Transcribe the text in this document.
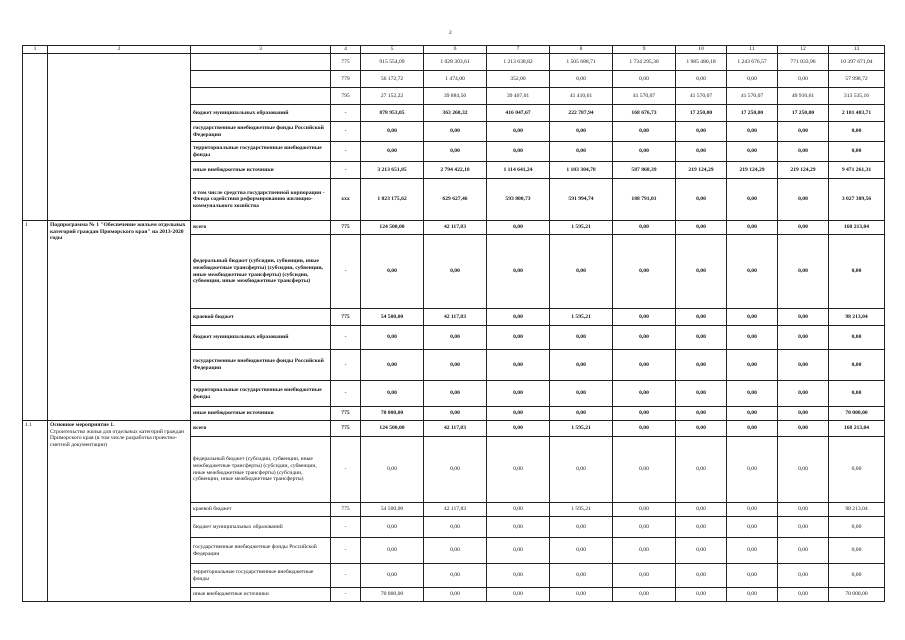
2
1	2	3	4	5	6	7	8	9	10	11	12	13
			775	915 554,09	1 028 303,61	1 213 638,82	1 505 688,71	1 734 295,30	1 985 480,18	1 243 676,57	771 033,96	10 397 671,04
			779	56 172,72	1 474,00	352,00	0,00	0,00	0,00	0,00	0,00	57 998,72
			795	27 152,22	39 884,50	39 467,01	41 410,61	41 570,07	41 570,07	41 570,07	40 910,61	313 535,16
		бюджет муниципальных образований	-	878 953,05	363 268,32	416 047,67	222 787,94	168 676,73	17 250,00	17 250,00	17 250,00	2 101 483,71
		государственные внебюджетные фонды Российской Федерации	-	0,00	0,00	0,00	0,00	0,00	0,00	0,00	0,00	0,00
		территориальные государственные внебюджетные фонды	-	0,00	0,00	0,00	0,00	0,00	0,00	0,00	0,00	0,00
		иные внебюджетные источники	-	3 213 651,85	2 794 422,18	1 114 641,24	1 103 304,78	587 868,39	219 124,29	219 124,29	219 124,29	9 471 261,31
		в том числе средства государственной корпорации - Фонда содействия реформированию жилищно-коммунального хозяйства	xxx	1 023 175,62	629 627,46	593 800,73	591 994,74	188 791,01	0,00	0,00	0,00	3 027 389,56
1	Подпрограмма № 1 "Обеспечение жильем отдельных категорий граждан Приморского края" на 2013-2020 годы	всего	775	124 500,00	42 117,83	0,00	1 595,21	0,00	0,00	0,00	0,00	168 213,04
		федеральный бюджет (субсидии, субвенции, иные межбюджетные трансферты) (субсидии, субвенции, иные межбюджетные трансферты) (субсидии, субвенции, иные межбюджетные трансферты)	-	0,00	0,00	0,00	0,00	0,00	0,00	0,00	0,00	0,00
		краевой бюджет	775	54 500,00	42 117,83	0,00	1 595,21	0,00	0,00	0,00	0,00	98 213,04
		бюджет муниципальных образований	-	0,00	0,00	0,00	0,00	0,00	0,00	0,00	0,00	0,00
		государственные внебюджетные фонды Российской Федерации	-	0,00	0,00	0,00	0,00	0,00	0,00	0,00	0,00	0,00
		территориальные государственные внебюджетные фонды	-	0,00	0,00	0,00	0,00	0,00	0,00	0,00	0,00	0,00
		иные внебюджетные источники	775	70 000,00	0,00	0,00	0,00	0,00	0,00	0,00	0,00	70 000,00
1.1	Основное мероприятие 1.
Строительство жилья для отдельных категорий граждан Приморского края (в том числе разработка проектно-сметной документации)	всего	775	124 500,00	42 117,83	0,00	1 595,21	0,00	0,00	0,00	0,00	168 213,04
		федеральный бюджет (субсидии, субвенции, иные межбюджетные трансферты) (субсидии, субвенции, иные межбюджетные трансферты) (субсидии, субвенции, иные межбюджетные трансферты)	-	0,00	0,00	0,00	0,00	0,00	0,00	0,00	0,00	0,00
		краевой бюджет	775	54 500,00	42 117,83	0,00	1 595,21	0,00	0,00	0,00	0,00	98 213,04
		бюджет муниципальных образований	-	0,00	0,00	0,00	0,00	0,00	0,00	0,00	0,00	0,00
		государственные внебюджетные фонды Российской Федерации	-	0,00	0,00	0,00	0,00	0,00	0,00	0,00	0,00	0,00
		территориальные государственные внебюджетные фонды	-	0,00	0,00	0,00	0,00	0,00	0,00	0,00	0,00	0,00
		иные внебюджетные источники	-	70 000,00	0,00	0,00	0,00	0,00	0,00	0,00	0,00	70 000,00
